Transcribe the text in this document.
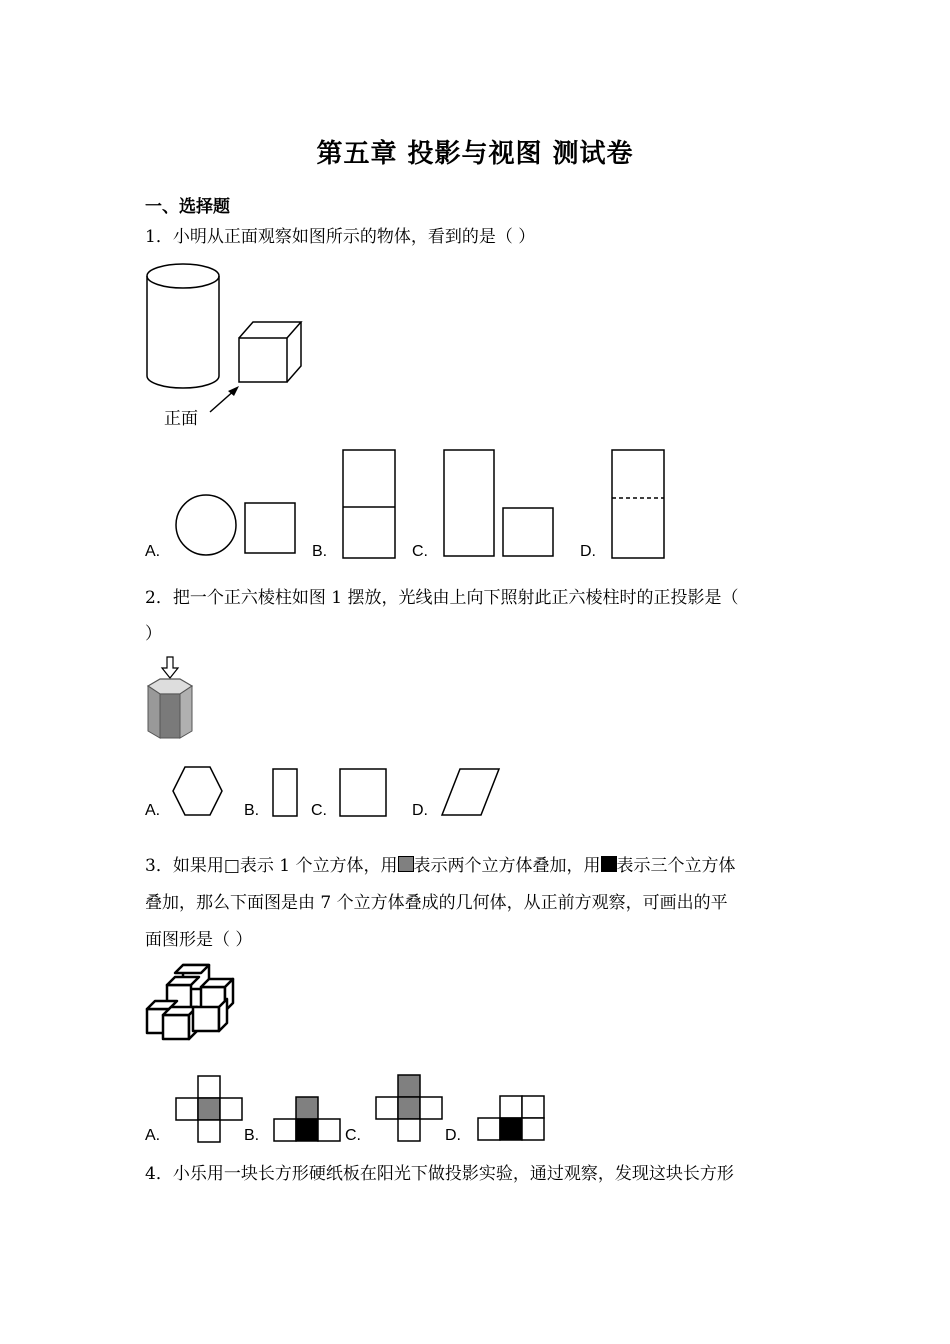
第五章 投影与视图 测试卷
一、选择题
1．小明从正面观察如图所示的物体，看到的是（ ）
正面
A.	B.	C.	D.
2．把一个正六棱柱如图 1 摆放，光线由上向下照射此正六棱柱时的正投影是（
）
A.	B.	C.	D.
3．如果用□表示 1 个立方体，用 表示两个立方体叠加，用 表示三个立方体
叠加，那么下面图是由 7 个立方体叠成的几何体，从正前方观察，可画出的平
面图形是（ ）
A.	B.	C.	D.
4．小乐用一块长方形硬纸板在阳光下做投影实验，通过观察，发现这块长方形
